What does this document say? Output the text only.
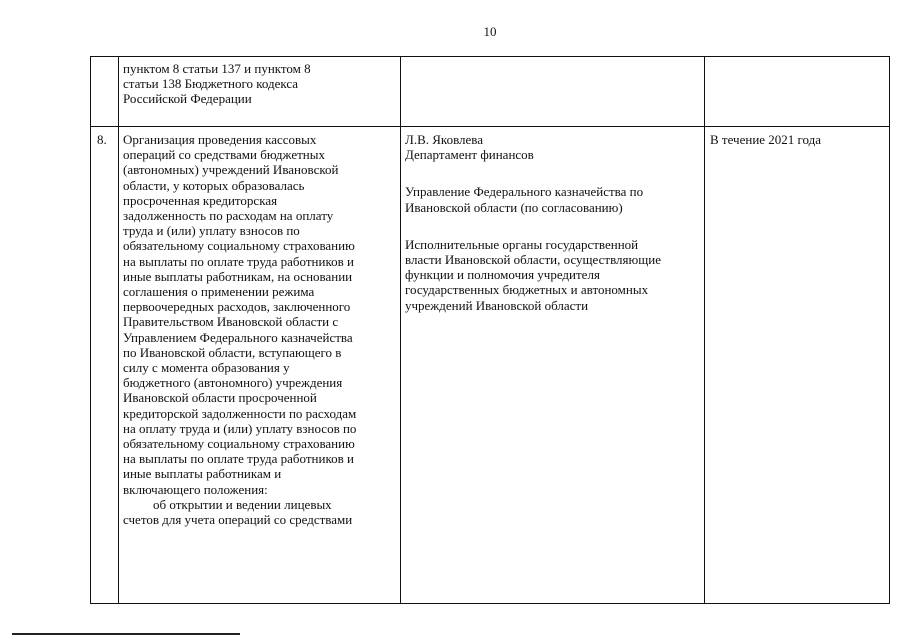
10

пунктом 8 статьи 137 и пунктом 8

статьи 138 Бюджетного кодекса

Российской Федерации

8.	Организация проведения кассовых

операций со средствами бюджетных

(автономных) учреждений Ивановской

области, у которых образовалась

просроченная кредиторская

задолженность по расходам на оплату

труда и (или) уплату взносов по

обязательному социальному страхованию

на выплаты по оплате труда работников и

иные выплаты работникам, на основании

соглашения о применении режима

первоочередных расходов, заключенного

Правительством Ивановской области с

Управлением Федерального казначейства

по Ивановской области, вступающего в

силу с момента образования у

бюджетного (автономного) учреждения

Ивановской области просроченной

кредиторской задолженности по расходам

на оплату труда и (или) уплату взносов по

обязательному социальному страхованию

на выплаты по оплате труда работников и

иные выплаты работникам и

включающего положения:

об открытии и ведении лицевых

счетов для учета операций со средствами

Л.В. Яковлева

Департамент финансов

Управление Федерального казначейства по

Ивановской области (по согласованию)

Исполнительные органы государственной

власти Ивановской области, осуществляющие

функции и полномочия учредителя

государственных бюджетных и автономных

учреждений Ивановской области

В течение 2021 года
